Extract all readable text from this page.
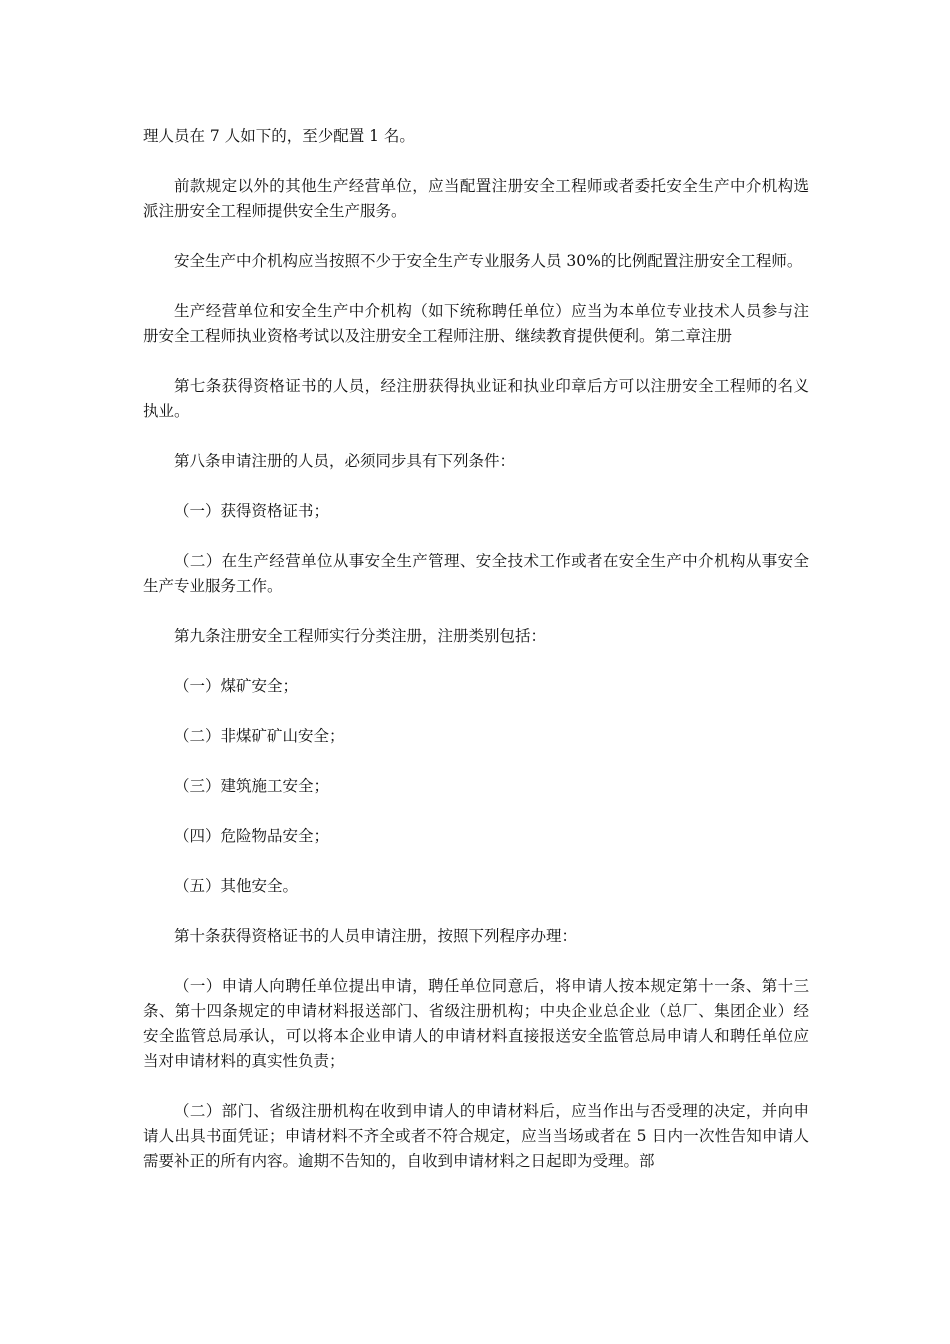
理人员在 7 人如下的，至少配置 1 名。

前款规定以外的其他生产经营单位，应当配置注册安全工程师或者委托安全生产中介机构选派注册安全工程师提供安全生产服务。

安全生产中介机构应当按照不少于安全生产专业服务人员 30%的比例配置注册安全工程师。

生产经营单位和安全生产中介机构（如下统称聘任单位）应当为本单位专业技术人员参与注册安全工程师执业资格考试以及注册安全工程师注册、继续教育提供便利。第二章注册

第七条获得资格证书的人员，经注册获得执业证和执业印章后方可以注册安全工程师的名义执业。

第八条申请注册的人员，必须同步具有下列条件：

（一）获得资格证书；

（二）在生产经营单位从事安全生产管理、安全技术工作或者在安全生产中介机构从事安全生产专业服务工作。

第九条注册安全工程师实行分类注册，注册类别包括：

（一）煤矿安全；

（二）非煤矿矿山安全；

（三）建筑施工安全；

（四）危险物品安全；

（五）其他安全。

第十条获得资格证书的人员申请注册，按照下列程序办理：

（一）申请人向聘任单位提出申请，聘任单位同意后，将申请人按本规定第十一条、第十三条、第十四条规定的申请材料报送部门、省级注册机构；中央企业总企业（总厂、集团企业）经安全监管总局承认，可以将本企业申请人的申请材料直接报送安全监管总局申请人和聘任单位应当对申请材料的真实性负责；

（二）部门、省级注册机构在收到申请人的申请材料后，应当作出与否受理的决定，并向申请人出具书面凭证；申请材料不齐全或者不符合规定，应当当场或者在 5 日内一次性告知申请人需要补正的所有内容。逾期不告知的，自收到申请材料之日起即为受理。部
